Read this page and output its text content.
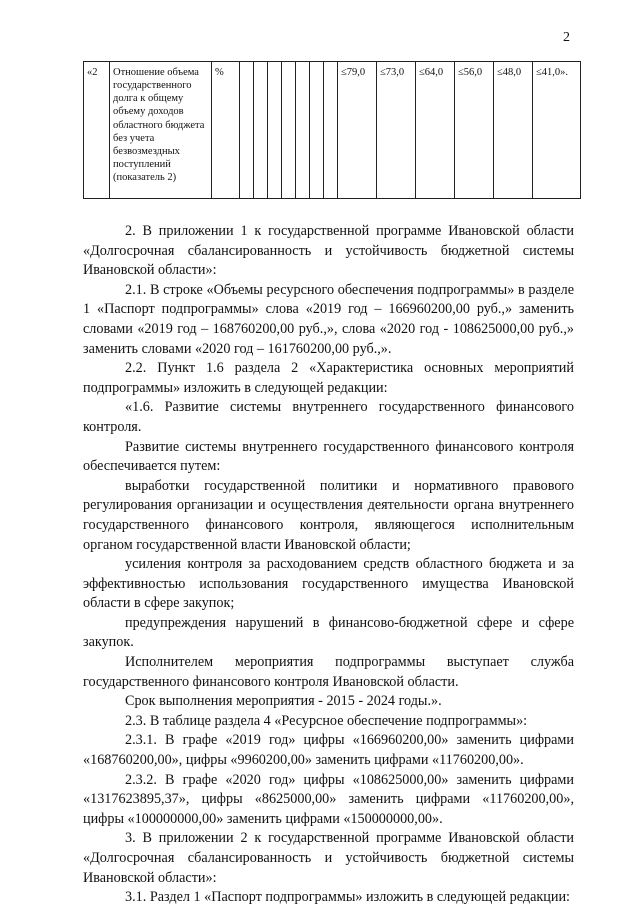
2
«2	Отношение объема государственного долга к общему объему доходов областного бюджета без учета безвозмездных поступлений (показатель 2)	%								≤79,0	≤73,0	≤64,0	≤56,0	≤48,0	≤41,0».

2. В приложении 1 к государственной программе Ивановской области «Долгосрочная сбалансированность и устойчивость бюджетной системы Ивановской области»:

2.1. В строке «Объемы ресурсного обеспечения подпрограммы» в разделе 1 «Паспорт подпрограммы» слова «2019 год – 166960200,00 руб.,» заменить словами «2019 год – 168760200,00 руб.,», слова «2020 год - 108625000,00 руб.,» заменить словами «2020 год – 161760200,00 руб.,».

2.2. Пункт 1.6 раздела 2 «Характеристика основных мероприятий подпрограммы» изложить в следующей редакции:

«1.6. Развитие системы внутреннего государственного финансового контроля.

Развитие системы внутреннего государственного финансового контроля обеспечивается путем:

выработки государственной политики и нормативного правового регулирования организации и осуществления деятельности органа внутреннего государственного финансового контроля, являющегося исполнительным органом государственной власти Ивановской области;

усиления контроля за расходованием средств областного бюджета и за эффективностью использования государственного имущества Ивановской области в сфере закупок;

предупреждения нарушений в финансово-бюджетной сфере и сфере закупок.

Исполнителем мероприятия подпрограммы выступает служба государственного финансового контроля Ивановской области.

Срок выполнения мероприятия - 2015 - 2024 годы.».

2.3. В таблице раздела 4 «Ресурсное обеспечение подпрограммы»:

2.3.1. В графе «2019 год» цифры «166960200,00» заменить цифрами «168760200,00», цифры «9960200,00» заменить цифрами «11760200,00».

2.3.2. В графе «2020 год» цифры «108625000,00» заменить цифрами «1317623895,37», цифры «8625000,00» заменить цифрами «11760200,00», цифры «100000000,00» заменить цифрами «150000000,00».

3. В приложении 2 к государственной программе Ивановской области «Долгосрочная сбалансированность и устойчивость бюджетной системы Ивановской области»:

3.1. Раздел 1 «Паспорт подпрограммы» изложить в следующей редакции:
